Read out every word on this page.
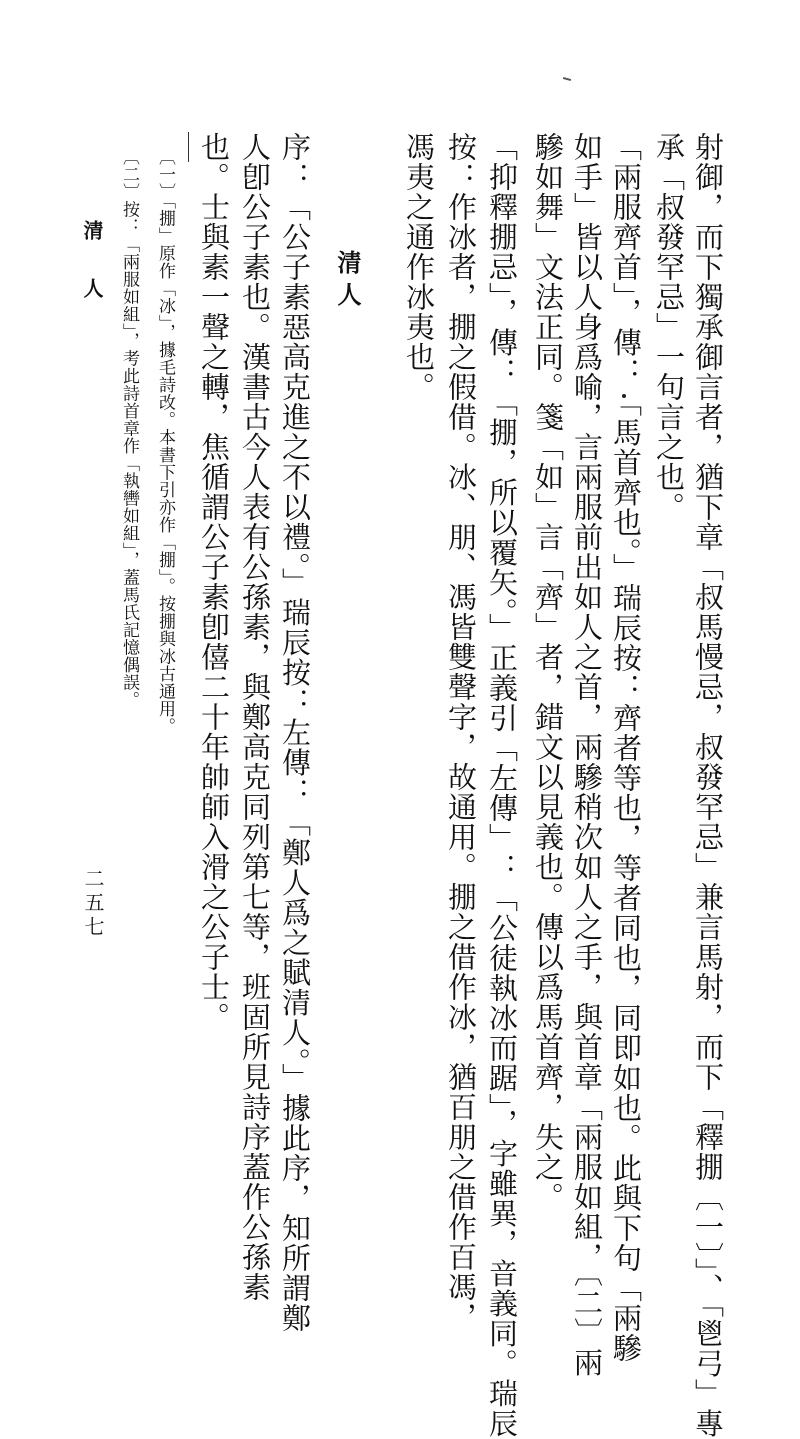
射御，而下獨承御言者，猶下章「叔馬慢忌，叔發罕忌」兼言馬射，而下「釋掤〔一〕」、「鬯弓」專
承「叔發罕忌」一句言之也。
「兩服齊首」，傳：「馬首齊也。」瑞辰按：齊者等也，等者同也，同即如也。此與下句「兩驂
如手」皆以人身爲喻，言兩服前出如人之首，兩驂稍次如人之手，與首章「兩服如組，〔二〕兩
驂如舞」文法正同。箋「如」言「齊」者，錯文以見義也。傳以爲馬首齊，失之。
「抑釋掤忌」，傳：「掤，所以覆矢。」正義引「左傳」：「公徒執冰而踞」，字雖異，音義同。瑞辰
按：作冰者，掤之假借。冰、朋、馮皆雙聲字，故通用。掤之借作冰，猶百朋之借作百馮，
馮夷之通作冰夷也。
清人
序：「公子素惡高克進之不以禮。」瑞辰按：左傳：「鄭人爲之賦清人。」據此序，知所謂鄭
人卽公子素也。漢書古今人表有公孫素，與鄭高克同列第七等，班固所見詩序蓋作公孫素
也。士與素一聲之轉，焦循謂公子素卽僖二十年帥師入滑之公子士。
〔一〕「掤」原作「冰」，據毛詩改。本書下引亦作「掤」。按掤與冰古通用。
〔二〕按：「兩服如組」，考此詩首章作「執轡如組」，蓋馬氏記憶偶誤。
清人
二五七
